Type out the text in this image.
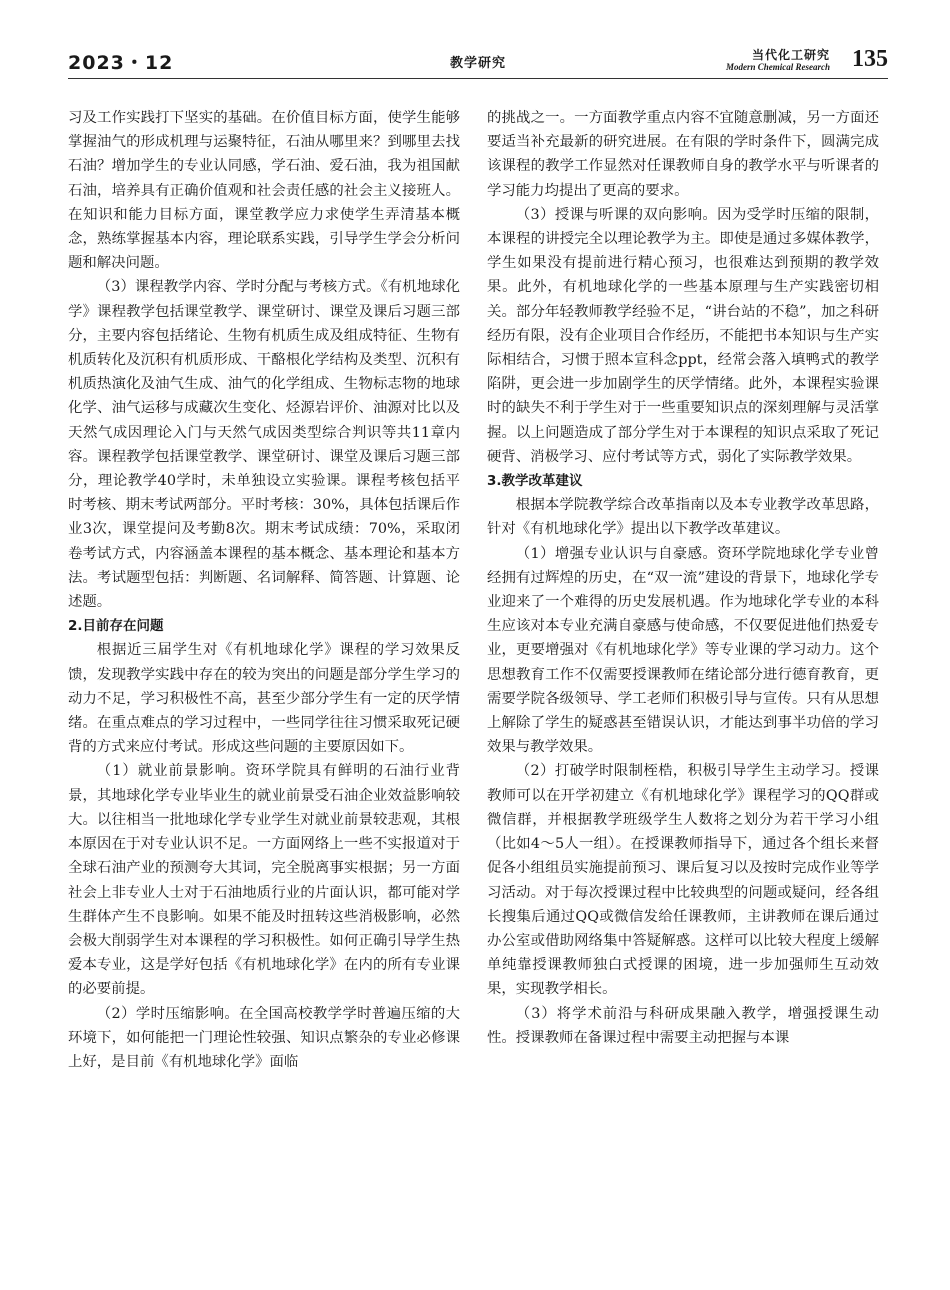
2023・12	教学研究
当代化工研究
Modern Chemical Research 135

习及工作实践打下坚实的基础。在价值目标方面，使学生能够掌握油气的形成机理与运聚特征，石油从哪里来？到哪里去找石油？增加学生的专业认同感，学石油、爱石油，我为祖国献石油，培养具有正确价值观和社会责任感的社会主义接班人。在知识和能力目标方面，课堂教学应力求使学生弄清基本概念，熟练掌握基本内容，理论联系实践，引导学生学会分析问题和解决问题。

（3）课程教学内容、学时分配与考核方式。《有机地球化学》课程教学包括课堂教学、课堂研讨、课堂及课后习题三部分，主要内容包括绪论、生物有机质生成及组成特征、生物有机质转化及沉积有机质形成、干酪根化学结构及类型、沉积有机质热演化及油气生成、油气的化学组成、生物标志物的地球化学、油气运移与成藏次生变化、烃源岩评价、油源对比以及天然气成因理论入门与天然气成因类型综合判识等共11章内容。课程教学包括课堂教学、课堂研讨、课堂及课后习题三部分，理论教学40学时，未单独设立实验课。课程考核包括平时考核、期末考试两部分。平时考核：30%，具体包括课后作业3次，课堂提问及考勤8次。期末考试成绩：70%，采取闭卷考试方式，内容涵盖本课程的基本概念、基本理论和基本方法。考试题型包括：判断题、名词解释、简答题、计算题、论述题。

2.目前存在问题

根据近三届学生对《有机地球化学》课程的学习效果反馈，发现教学实践中存在的较为突出的问题是部分学生学习的动力不足，学习积极性不高，甚至少部分学生有一定的厌学情绪。在重点难点的学习过程中，一些同学往往习惯采取死记硬背的方式来应付考试。形成这些问题的主要原因如下。

（1）就业前景影响。资环学院具有鲜明的石油行业背景，其地球化学专业毕业生的就业前景受石油企业效益影响较大。以往相当一批地球化学专业学生对就业前景较悲观，其根本原因在于对专业认识不足。一方面网络上一些不实报道对于全球石油产业的预测夸大其词，完全脱离事实根据；另一方面社会上非专业人士对于石油地质行业的片面认识，都可能对学生群体产生不良影响。如果不能及时扭转这些消极影响，必然会极大削弱学生对本课程的学习积极性。如何正确引导学生热爱本专业，这是学好包括《有机地球化学》在内的所有专业课的必要前提。

（2）学时压缩影响。在全国高校教学学时普遍压缩的大环境下，如何能把一门理论性较强、知识点繁杂的专业必修课上好，是目前《有机地球化学》面临

的挑战之一。一方面教学重点内容不宜随意删减，另一方面还要适当补充最新的研究进展。在有限的学时条件下，圆满完成该课程的教学工作显然对任课教师自身的教学水平与听课者的学习能力均提出了更高的要求。

（3）授课与听课的双向影响。因为受学时压缩的限制，本课程的讲授完全以理论教学为主。即使是通过多媒体教学，学生如果没有提前进行精心预习，也很难达到预期的教学效果。此外，有机地球化学的一些基本原理与生产实践密切相关。部分年轻教师教学经验不足，“讲台站的不稳”，加之科研经历有限，没有企业项目合作经历，不能把书本知识与生产实际相结合，习惯于照本宣科念ppt，经常会落入填鸭式的教学陷阱，更会进一步加剧学生的厌学情绪。此外，本课程实验课时的缺失不利于学生对于一些重要知识点的深刻理解与灵活掌握。以上问题造成了部分学生对于本课程的知识点采取了死记硬背、消极学习、应付考试等方式，弱化了实际教学效果。

3.教学改革建议

根据本学院教学综合改革指南以及本专业教学改革思路，针对《有机地球化学》提出以下教学改革建议。

（1）增强专业认识与自豪感。资环学院地球化学专业曾经拥有过辉煌的历史，在“双一流”建设的背景下，地球化学专业迎来了一个难得的历史发展机遇。作为地球化学专业的本科生应该对本专业充满自豪感与使命感，不仅要促进他们热爱专业，更要增强对《有机地球化学》等专业课的学习动力。这个思想教育工作不仅需要授课教师在绪论部分进行德育教育，更需要学院各级领导、学工老师们积极引导与宣传。只有从思想上解除了学生的疑惑甚至错误认识，才能达到事半功倍的学习效果与教学效果。

（2）打破学时限制桎梏，积极引导学生主动学习。授课教师可以在开学初建立《有机地球化学》课程学习的QQ群或微信群，并根据教学班级学生人数将之划分为若干学习小组（比如4～5人一组）。在授课教师指导下，通过各个组长来督促各小组组员实施提前预习、课后复习以及按时完成作业等学习活动。对于每次授课过程中比较典型的问题或疑问，经各组长搜集后通过QQ或微信发给任课教师，主讲教师在课后通过办公室或借助网络集中答疑解惑。这样可以比较大程度上缓解单纯靠授课教师独白式授课的困境，进一步加强师生互动效果，实现教学相长。

（3）将学术前沿与科研成果融入教学，增强授课生动性。授课教师在备课过程中需要主动把握与本课
